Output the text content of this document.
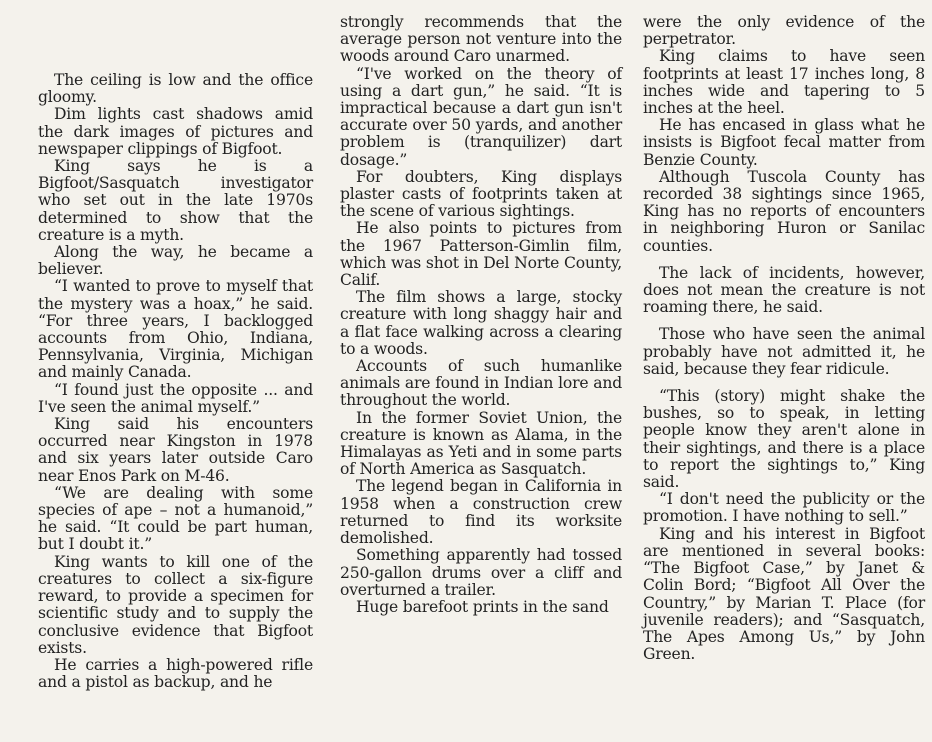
The ceiling is low and the office gloomy.

Dim lights cast shadows amid the dark images of pictures and newspaper clippings of Bigfoot.

King says he is a Bigfoot/Sasquatch investigator who set out in the late 1970s determined to show that the creature is a myth.

Along the way, he became a believer.

“I wanted to prove to myself that the mystery was a hoax,” he said. “For three years, I backlogged accounts from Ohio, Indiana, Pennsylvania, Virginia, Michigan and mainly Canada.

“I found just the opposite ... and I've seen the animal myself.”

King said his encounters occurred near Kingston in 1978 and six years later outside Caro near Enos Park on M-46.

“We are dealing with some species of ape – not a humanoid,” he said. “It could be part human, but I doubt it.”

King wants to kill one of the creatures to collect a six-figure reward, to provide a specimen for scientific study and to supply the conclusive evidence that Bigfoot exists.

He carries a high-powered rifle and a pistol as backup, and he

strongly recommends that the average person not venture into the woods around Caro unarmed.

“I've worked on the theory of using a dart gun,” he said. “It is impractical because a dart gun isn't accurate over 50 yards, and another problem is (tranquilizer) dart dosage.”

For doubters, King displays plaster casts of footprints taken at the scene of various sightings.

He also points to pictures from the 1967 Patterson-Gimlin film, which was shot in Del Norte County, Calif.

The film shows a large, stocky creature with long shaggy hair and a flat face walking across a clearing to a woods.

Accounts of such humanlike animals are found in Indian lore and throughout the world.

In the former Soviet Union, the creature is known as Alama, in the Himalayas as Yeti and in some parts of North America as Sasquatch.

The legend began in California in 1958 when a construction crew returned to find its worksite demolished.

Something apparently had tossed 250-gallon drums over a cliff and overturned a trailer.

Huge barefoot prints in the sand

were the only evidence of the perpetrator.

King claims to have seen footprints at least 17 inches long, 8 inches wide and tapering to 5 inches at the heel.

He has encased in glass what he insists is Bigfoot fecal matter from Benzie County.

Although Tuscola County has recorded 38 sightings since 1965, King has no reports of encounters in neighboring Huron or Sanilac counties.

The lack of incidents, however, does not mean the creature is not roaming there, he said.

Those who have seen the animal probably have not admitted it, he said, because they fear ridicule.

“This (story) might shake the bushes, so to speak, in letting people know they aren't alone in their sightings, and there is a place to report the sightings to,” King said.

“I don't need the publicity or the promotion. I have nothing to sell.”

King and his interest in Bigfoot are mentioned in several books: “The Bigfoot Case,” by Janet & Colin Bord; “Bigfoot All Over the Country,” by Marian T. Place (for juvenile readers); and “Sasquatch, The Apes Among Us,” by John Green.
